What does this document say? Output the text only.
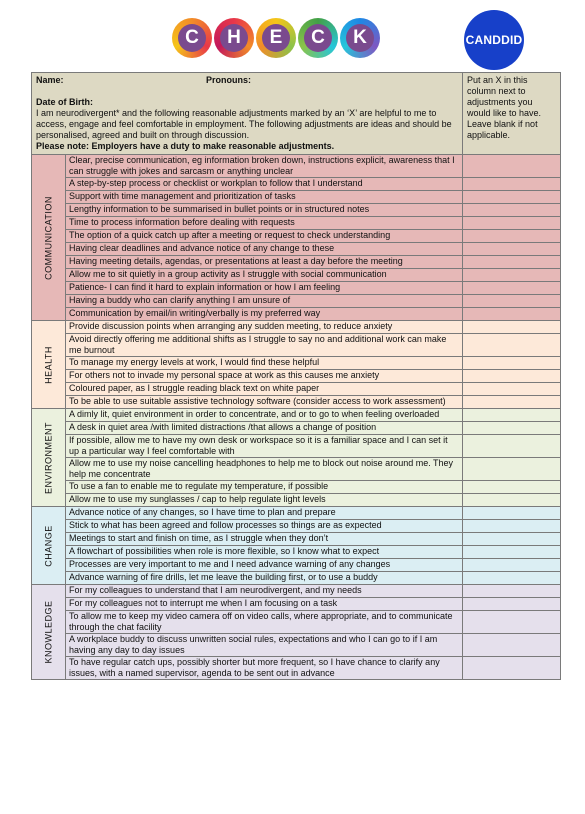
C	H	E	C	K	CANDDID
Name: Pronouns:
Date of Birth:
I am neurodivergent* and the following reasonable adjustments marked by an ‘X’ are helpful to me to access, engage and feel comfortable in employment. The following adjustments are ideas and should be personalised, agreed and built on through discussion.
Please note: Employers have a duty to make reasonable adjustments.		Put an X in this column next to adjustments you would like to have. Leave blank if not applicable.

COMMUNICATION	Clear, precise communication, eg information broken down, instructions explicit, awareness that I can struggle with jokes and sarcasm or anything unclear	
	A step-by-step process or checklist or workplan to follow that I understand	
	Support with time management and prioritization of tasks	
	Lengthy information to be summarised in bullet points or in structured notes	
	Time to process information before dealing with requests	
	The option of a quick catch up after a meeting or request to check understanding	
	Having clear deadlines and advance notice of any change to these	
	Having meeting details, agendas, or presentations at least a day before the meeting	
	Allow me to sit quietly in a group activity as I struggle with social communication	
	Patience- I can find it hard to explain information or how I am feeling	
	Having a buddy who can clarify anything I am unsure of	
	Communication by email/in writing/verbally is my preferred way	

HEALTH	Provide discussion points when arranging any sudden meeting, to reduce anxiety	
	Avoid directly offering me additional shifts as I struggle to say no and additional work can make me burnout	
	To manage my energy levels at work, I would find these helpful	
	For others not to invade my personal space at work as this causes me anxiety	
	Coloured paper, as I struggle reading black text on white paper	
	To be able to use suitable assistive technology software (consider access to work assessment)	

ENVIRONMENT	A dimly lit, quiet environment in order to concentrate, and or to go to when feeling overloaded	
	A desk in quiet area /with limited distractions /that allows a change of position	
	If possible, allow me to have my own desk or workspace so it is a familiar space and I can set it up a particular way I feel comfortable with	
	Allow me to use my noise cancelling headphones to help me to block out noise around me. They help me concentrate	
	To use a fan to enable me to regulate my temperature, if possible	
	Allow me to use my sunglasses / cap to help regulate light levels	

CHANGE	Advance notice of any changes, so I have time to plan and prepare	
	Stick to what has been agreed and follow processes so things are as expected	
	Meetings to start and finish on time, as I struggle when they don’t	
	A flowchart of possibilities when role is more flexible, so I know what to expect	
	Processes are very important to me and I need advance warning of any changes	
	Advance warning of fire drills, let me leave the building first, or to use a buddy	

KNOWLEDGE	For my colleagues to understand that I am neurodivergent, and my needs	
	For my colleagues not to interrupt me when I am focusing on a task	
	To allow me to keep my video camera off on video calls, where appropriate, and to communicate through the chat facility	
	A workplace buddy to discuss unwritten social rules, expectations and who I can go to if I am having any day to day issues	
	To have regular catch ups, possibly shorter but more frequent, so I have chance to clarify any issues, with a named supervisor, agenda to be sent out in advance	
